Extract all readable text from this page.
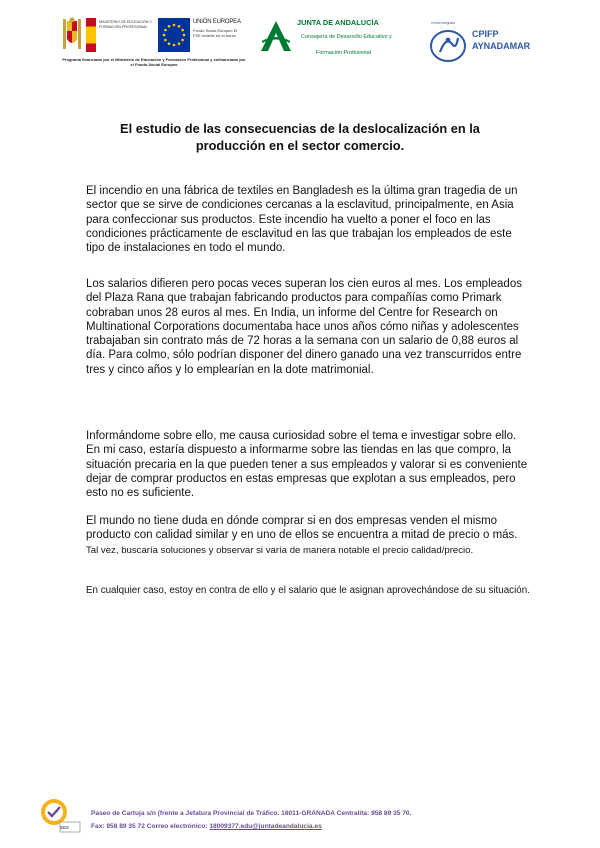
MINISTERIO DE EDUCACIÓN Y FORMACIÓN PROFESIONAL
UNIÓN EUROPEA
Fondo Social Europeo El FSE invierte en tu futuro
Programa financiado por el Ministerio de Educación y Formación Profesional y cofinanciado por el Fondo Social Europeo
JUNTA DE ANDALUCÍA
Consejería de Desarrollo Educativo y
Formación Profesional
Centro Integrado
CPIFP
AYNADAMAR
El estudio de las consecuencias de la deslocalización en la
producción en el sector comercio.
El incendio en una fábrica de textiles en Bangladesh es la última gran tragedia de un sector que se sirve de condiciones cercanas a la esclavitud, principalmente, en Asia para confeccionar sus productos. Este incendio ha vuelto a poner el foco en las condiciones prácticamente de esclavitud en las que trabajan los empleados de este tipo de instalaciones en todo el mundo.
Los salarios difieren pero pocas veces superan los cien euros al mes. Los empleados del Plaza Rana que trabajan fabricando productos para compañías como Primark cobraban unos 28 euros al mes. En India, un informe del Centre for Research on Multinational Corporations documentaba hace unos años cómo niñas y adolescentes trabajaban sin contrato más de 72 horas a la semana con un salario de 0,88 euros al día. Para colmo, sólo podrían disponer del dinero ganado una vez transcurridos entre tres y cinco años y lo emplearían en la dote matrimonial.
Informándome sobre ello, me causa curiosidad sobre el tema e investigar sobre ello. En mi caso, estaría dispuesto a informarme sobre las tiendas en las que compro, la situación precaria en la que pueden tener a sus empleados y valorar si es conveniente dejar de comprar productos en estas empresas que explotan a sus empleados, pero esto no es suficiente.
El mundo no tiene duda en dónde comprar si en dos empresas venden el mismo producto con calidad similar y en uno de ellos se encuentra a mitad de precio o más.
Tal vez, buscaría soluciones y observar si varía de manera notable el precio calidad/precio.
En cualquier caso, estoy en contra de ello y el salario que le asignan aprovechándose de su situación.
SGS
Paseo de Cartuja s/n (frente a Jefatura Provincial de Tráfico. 18011-GRANADA Centralita: 958 89 35 70.
Fax: 958 89 35 72 Correo electrónico: 18009377.edu@juntadeandalucia.es
